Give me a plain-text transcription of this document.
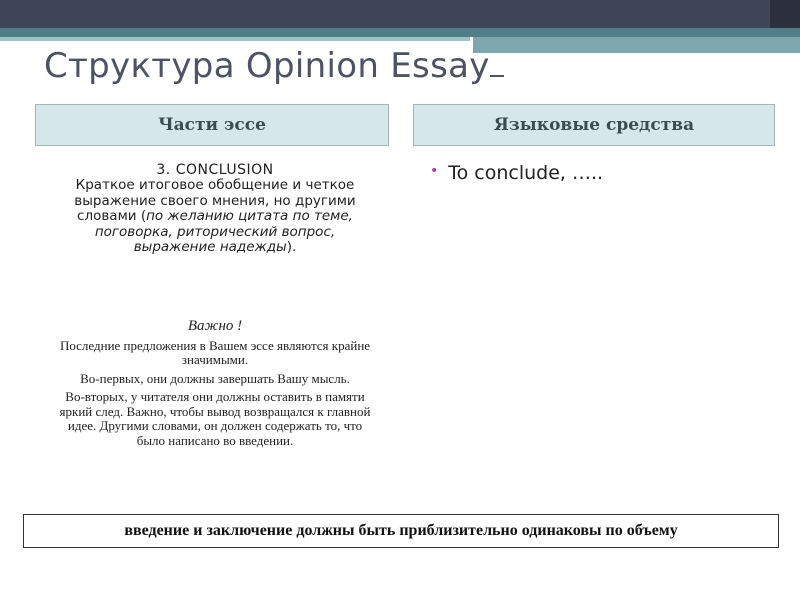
Структура Opinion Essay
Части эссе	Языковые средства
3. CONCLUSION
Краткое итоговое обобщение и четкое выражение своего мнения, но другими словами (по желанию цитата по теме, поговорка, риторический вопрос, выражение надежды).
Важно !
Последние предложения в Вашем эссе являются крайне значимыми.
Во-первых, они должны завершать Вашу мысль.
Во-вторых, у читателя они должны оставить в памяти яркий след. Важно, чтобы вывод возвращался к главной идее. Другими словами, он должен содержать то, что было написано во введении.
• To conclude, …..
введение и заключение должны быть приблизительно одинаковы по объему
